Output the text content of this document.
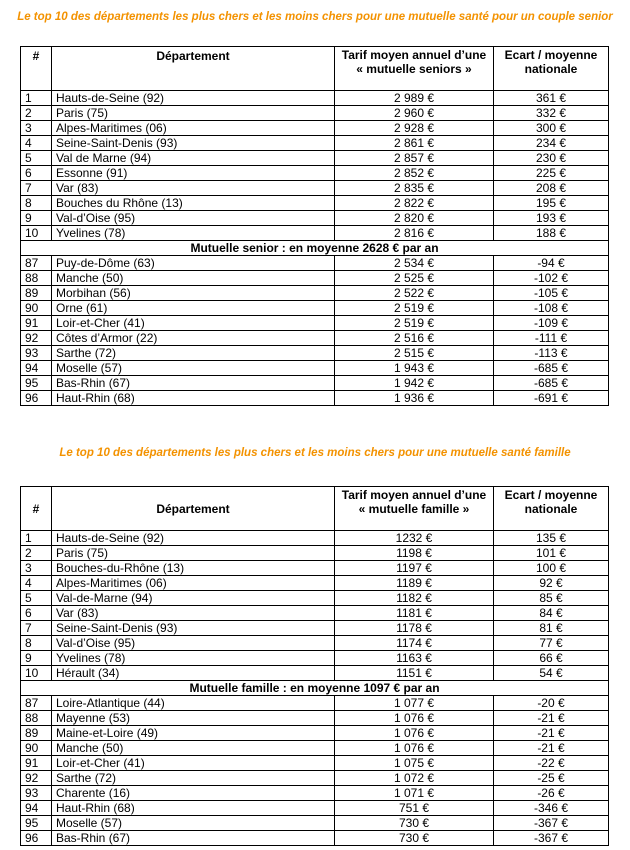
Le top 10 des départements les plus chers et les moins chers pour une mutuelle santé pour un couple senior
#	Département	Tarif moyen annuel d’une « mutuelle seniors »	Ecart / moyenne nationale
1	Hauts-de-Seine (92)	2 989 €	361 €
2	Paris (75)	2 960 €	332 €
3	Alpes-Maritimes (06)	2 928 €	300 €
4	Seine-Saint-Denis (93)	2 861 €	234 €
5	Val de Marne (94)	2 857 €	230 €
6	Essonne (91)	2 852 €	225 €
7	Var (83)	2 835 €	208 €
8	Bouches du Rhône (13)	2 822 €	195 €
9	Val-d’Oise (95)	2 820 €	193 €
10	Yvelines (78)	2 816 €	188 €
Mutuelle senior : en moyenne 2628 € par an			
87	Puy-de-Dôme (63)	2 534 €	-94 €
88	Manche (50)	2 525 €	-102 €
89	Morbihan (56)	2 522 €	-105 €
90	Orne (61)	2 519 €	-108 €
91	Loir-et-Cher (41)	2 519 €	-109 €
92	Côtes d’Armor (22)	2 516 €	-111 €
93	Sarthe (72)	2 515 €	-113 €
94	Moselle (57)	1 943 €	-685 €
95	Bas-Rhin (67)	1 942 €	-685 €
96	Haut-Rhin (68)	1 936 €	-691 €
Le top 10 des départements les plus chers et les moins chers pour une mutuelle santé famille
#	Département	Tarif moyen annuel d’une « mutuelle famille »	Ecart / moyenne nationale
1	Hauts-de-Seine (92)	1232 €	135 €
2	Paris (75)	1198 €	101 €
3	Bouches-du-Rhône (13)	1197 €	100 €
4	Alpes-Maritimes (06)	1189 €	92 €
5	Val-de-Marne (94)	1182 €	85 €
6	Var (83)	1181 €	84 €
7	Seine-Saint-Denis (93)	1178 €	81 €
8	Val-d’Oise (95)	1174 €	77 €
9	Yvelines (78)	1163 €	66 €
10	Hérault (34)	1151 €	54 €
Mutuelle famille : en moyenne 1097 € par an			
87	Loire-Atlantique (44)	1 077 €	-20 €
88	Mayenne (53)	1 076 €	-21 €
89	Maine-et-Loire (49)	1 076 €	-21 €
90	Manche (50)	1 076 €	-21 €
91	Loir-et-Cher (41)	1 075 €	-22 €
92	Sarthe (72)	1 072 €	-25 €
93	Charente (16)	1 071 €	-26 €
94	Haut-Rhin (68)	751 €	-346 €
95	Moselle (57)	730 €	-367 €
96	Bas-Rhin (67)	730 €	-367 €
